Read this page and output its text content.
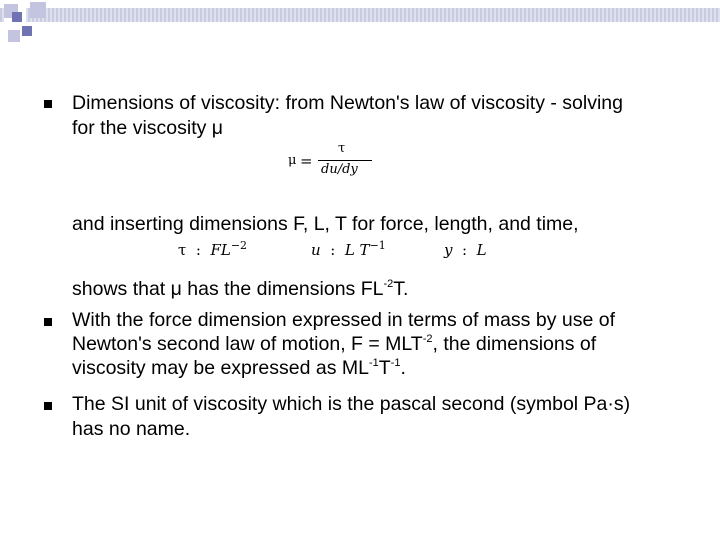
Dimensions of viscosity: from Newton's law of viscosity - solving
for the viscosity μ
μ =
τ
du/dy
and inserting dimensions F, L, T for force, length, and time,
τ : $FL^{-2}$	u : L $T^{-1}$	y : L
shows that μ has the dimensions $FL^{-2}T$.
With the force dimension expressed in terms of mass by use of
Newton's second law of motion, $F = MLT^{-2}$, the dimensions of
viscosity may be expressed as $ML^{-1}T^{-1}$.
The SI unit of viscosity which is the pascal second (symbol Pa·s)
has no name.
